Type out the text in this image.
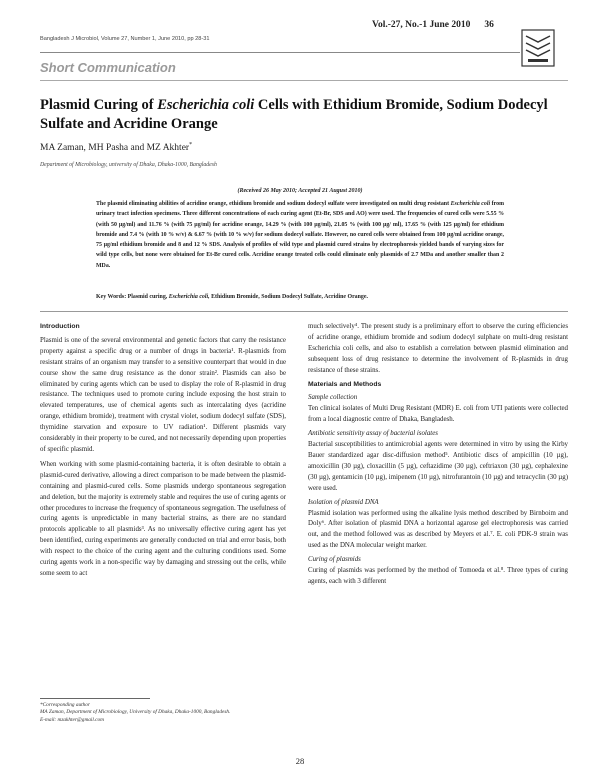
Vol.-27, No.-1 June 2010 36
Bangladesh J Microbiol, Volume 27, Number 1, June 2010, pp 28-31
Short Communication
Plasmid Curing of Escherichia coli Cells with Ethidium Bromide, Sodium Dodecyl Sulfate and Acridine Orange
MA Zaman, MH Pasha and MZ Akhter*
Department of Microbiology, university of Dhaka, Dhaka-1000, Bangladesh
(Received 26 May 2010; Accepted 21 August 2010)
The plasmid eliminating abilities of acridine orange, ethidium bromide and sodium dodecyl sulfate were investigated on multi drug resistant Escherichia coli from urinary tract infection specimens. Three different concentrations of each curing agent (Et-Br, SDS and AO) were used. The frequencies of cured cells were 5.55 % (with 50 µg/ml) and 11.76 % (with 75 µg/ml) for acridine orange, 14.29 % (with 100 µg/ml), 21.05 % (with 100 µg/ ml), 17.65 % (with 125 µg/ml) for ethidium bromide and 7.4 % (with 10 % w/v) & 6.67 % (with 10 % w/v) for sodium dodecyl sulfate. However, no cured cells were obtained from 100 µg/ml acridine orange, 75 µg/ml ethidium bromide and 8 and 12 % SDS. Analysis of profiles of wild type and plasmid cured strains by electrophoresis yielded bands of varying sizes for wild type cells, but none were obtained for Et-Br cured cells. Acridine orange treated cells could eliminate only plasmids of 2.7 MDa and another smaller than 2 MDa.
Key Words: Plasmid curing, Escherichia coli, Ethidium Bromide, Sodium Dodecyl Sulfate, Acridine Orange.

Introduction

Plasmid is one of the several environmental and genetic factors that carry the resistance property against a specific drug or a number of drugs in bacteria¹. R-plasmids from resistant strains of an organism may transfer to a sensitive counterpart that would in due course show the same drug resistance as the donor strain². Plasmids can also be eliminated by curing agents which can be used to display the role of R-plasmid in drug resistance. The techniques used to promote curing include exposing the host strain to elevated temperatures, use of chemical agents such as intercalating dyes (acridine orange, ethidium bromide), treatment with crystal violet, sodium dodecyl sulfate (SDS), thymidine starvation and exposure to UV radiation¹. Different plasmids vary considerably in their property to be cured, and not necessarily depending upon properties of specific plasmid.

When working with some plasmid-containing bacteria, it is often desirable to obtain a plasmid-cured derivative, allowing a direct comparison to be made between the plasmid-containing and plasmid-cured cells. Some plasmids undergo spontaneous segregation and deletion, but the majority is extremely stable and requires the use of curing agents or other procedures to increase the frequency of spontaneous segregation. The usefulness of curing agents is unpredictable in many bacterial strains, as there are no standard protocols applicable to all plasmids³. As no universally effective curing agent has yet been identified, curing experiments are generally conducted on trial and error basis, both with respect to the choice of the curing agent and the culturing conditions used. Some curing agents work in a non-specific way by damaging and stressing out the cells, while some seem to act

much selectively⁴. The present study is a preliminary effort to observe the curing efficiencies of acridine orange, ethidium bromide and sodium dodecyl sulphate on multi-drug resistant Escherichia coli cells, and also to establish a correlation between plasmid elimination and subsequent loss of drug resistance to determine the involvement of R-plasmids in drug resistance of these strains.

Materials and Methods

Sample collection

Ten clinical isolates of Multi Drug Resistant (MDR) E. coli from UTI patients were collected from a local diagnostic centre of Dhaka, Bangladesh.

Antibiotic sensitivity assay of bacterial isolates

Bacterial susceptibilities to antimicrobial agents were determined in vitro by using the Kirby Bauer standardized agar disc-diffusion method⁵. Antibiotic discs of ampicillin (10 µg), amoxicillin (30 µg), cloxacillin (5 µg), ceftazidime (30 µg), ceftriaxon (30 µg), cephalexine (30 µg), gentamicin (10 µg), imipenem (10 µg), nitrofurantoin (10 µg) and tetracyclin (30 µg) were used.

Isolation of plasmid DNA

Plasmid isolation was performed using the alkaline lysis method described by Birnboim and Doly⁶. After isolation of plasmid DNA a horizontal agarose gel electrophoresis was carried out, and the method followed was as described by Meyers et al.⁷. E. coli PDK-9 strain was used as the DNA molecular weight marker.

Curing of plasmids

Curing of plasmids was performed by the method of Tomoeda et al.⁸. Three types of curing agents, each with 3 different

*Corresponding author
MA Zaman, Department of Microbiology, University of Dhaka, Dhaka-1000, Bangladesh.
E-mail: mzakhter@gmail.com
28
